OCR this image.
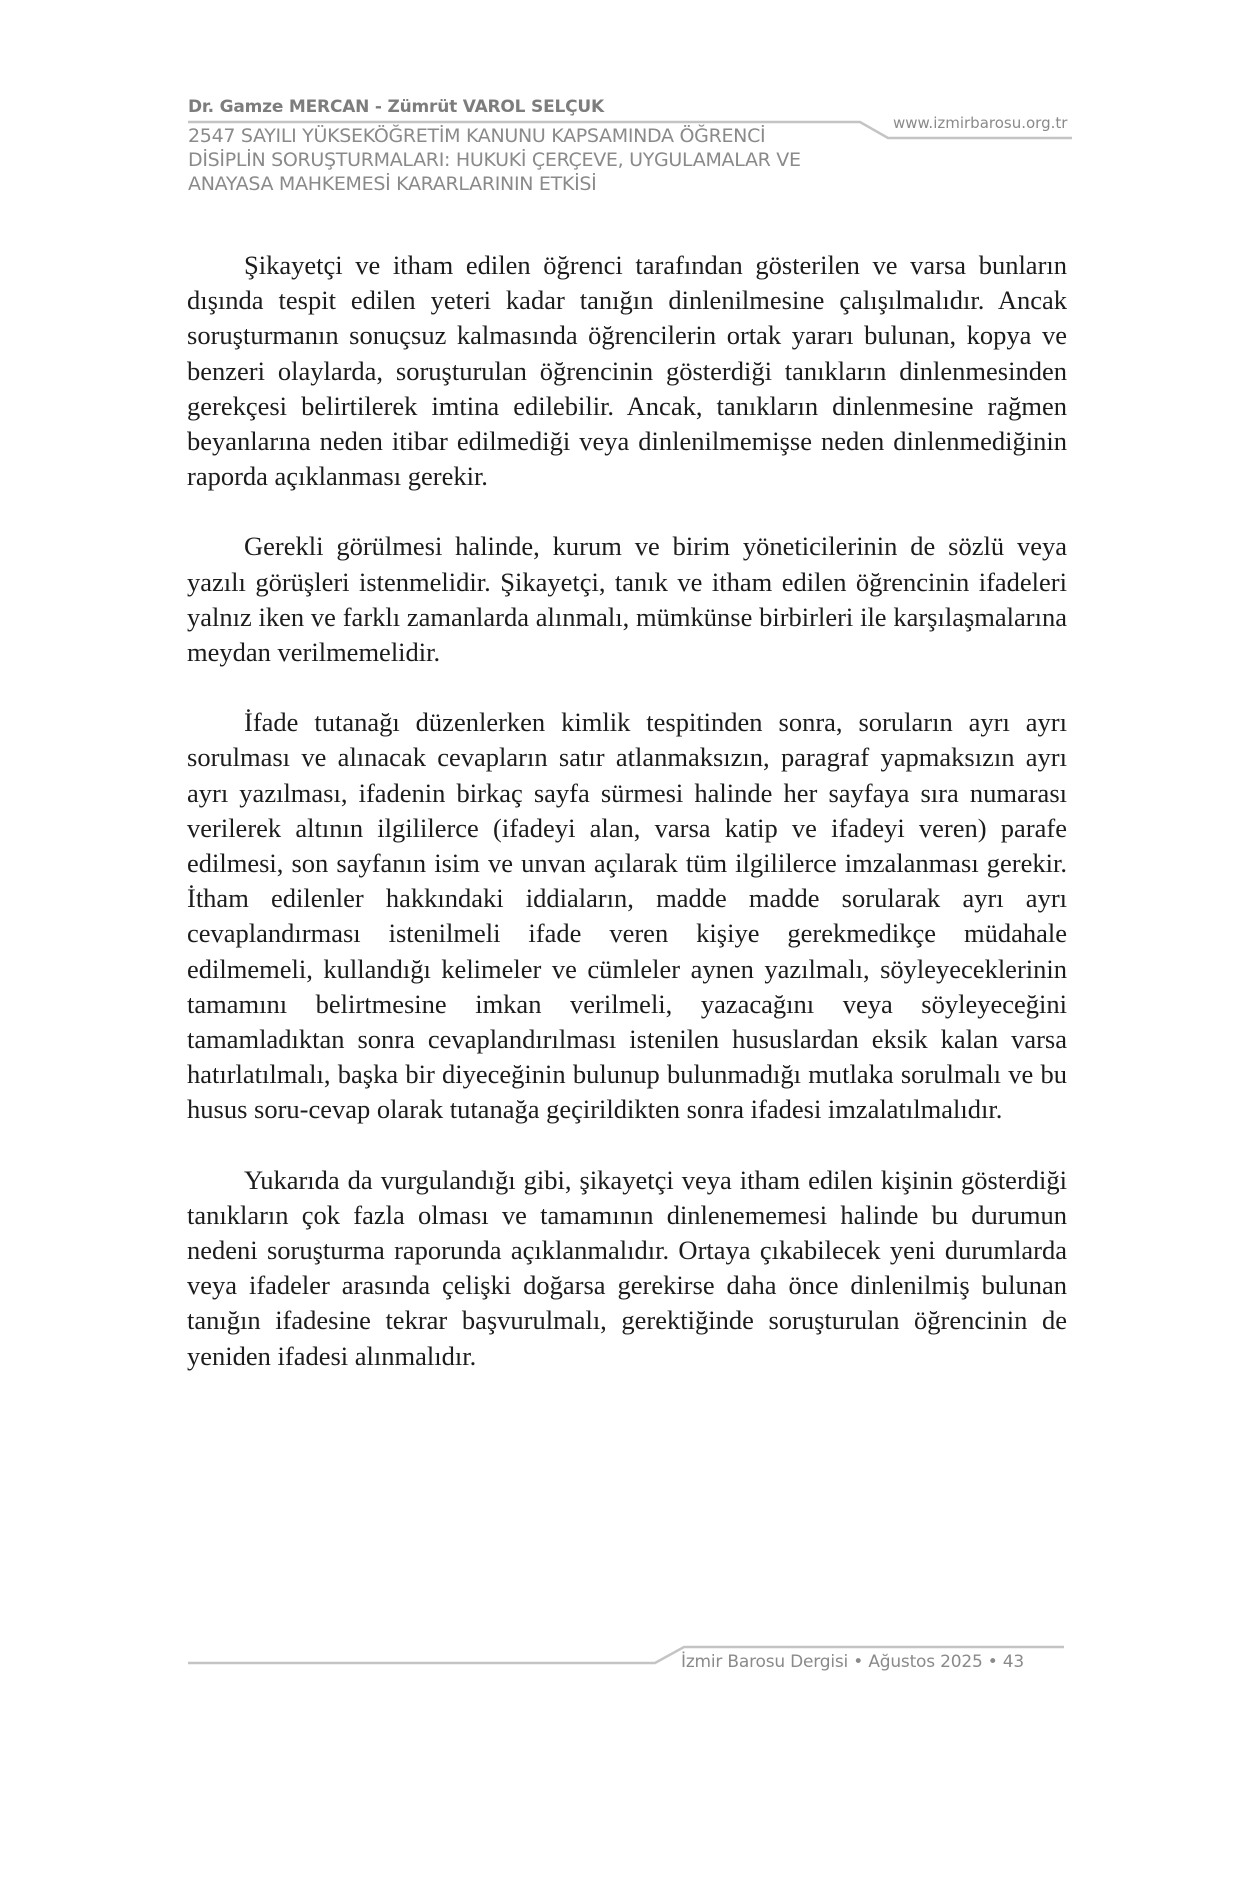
Dr. Gamze MERCAN - Zümrüt VAROL SELÇUK
2547 SAYILI YÜKSEKÖĞRETİM KANUNU KAPSAMINDA ÖĞRENCİ
DİSİPLİN SORUŞTURMALARI: HUKUKİ ÇERÇEVE, UYGULAMALAR VE
ANAYASA MAHKEMESİ KARARLARININ ETKİSİ
www.izmirbarosu.org.tr

Şikayetçi ve itham edilen öğrenci tarafından gösterilen ve varsa bunların dışında tespit edilen yeteri kadar tanığın dinlenilmesine çalışılmalıdır. Ancak soruşturmanın sonuçsuz kalmasında öğrencilerin ortak yararı bulunan, kopya ve benzeri olaylarda, soruşturulan öğrencinin gösterdiği tanıkların dinlenmesinden gerekçesi belirtilerek imtina edilebilir. Ancak, tanıkların dinlenmesine rağmen beyanlarına neden itibar edilmediği veya dinlenilmemişse neden dinlenmediğinin raporda açıklanması gerekir.

Gerekli görülmesi halinde, kurum ve birim yöneticilerinin de sözlü veya yazılı görüşleri istenmelidir. Şikayetçi, tanık ve itham edilen öğrencinin ifadeleri yalnız iken ve farklı zamanlarda alınmalı, mümkünse birbirleri ile karşılaşmalarına meydan verilmemelidir.

İfade tutanağı düzenlerken kimlik tespitinden sonra, soruların ayrı ayrı sorulması ve alınacak cevapların satır atlanmaksızın, paragraf yapmaksızın ayrı ayrı yazılması, ifadenin birkaç sayfa sürmesi halinde her sayfaya sıra numarası verilerek altının ilgililerce (ifadeyi alan, varsa katip ve ifadeyi veren) parafe edilmesi, son sayfanın isim ve unvan açılarak tüm ilgililerce imzalanması gerekir. İtham edilenler hakkındaki iddiaların, madde madde sorularak ayrı ayrı cevaplandırması istenilmeli ifade veren kişiye gerekmedikçe müdahale edilmemeli, kullandığı kelimeler ve cümleler aynen yazılmalı, söyleyeceklerinin tamamını belirtmesine imkan verilmeli, yazacağını veya söyleyeceğini tamamladıktan sonra cevaplandırılması istenilen hususlardan eksik kalan varsa hatırlatılmalı, başka bir diyeceğinin bulunup bulunmadığı mutlaka sorulmalı ve bu husus soru-cevap olarak tutanağa geçirildikten sonra ifadesi imzalatılmalıdır.

Yukarıda da vurgulandığı gibi, şikayetçi veya itham edilen kişinin gösterdiği tanıkların çok fazla olması ve tamamının dinlenememesi halinde bu durumun nedeni soruşturma raporunda açıklanmalıdır. Ortaya çıkabilecek yeni durumlarda veya ifadeler arasında çelişki doğarsa gerekirse daha önce dinlenilmiş bulunan tanığın ifadesine tekrar başvurulmalı, gerektiğinde soruşturulan öğrencinin de yeniden ifadesi alınmalıdır.

İzmir Barosu Dergisi • Ağustos 2025 • 43
